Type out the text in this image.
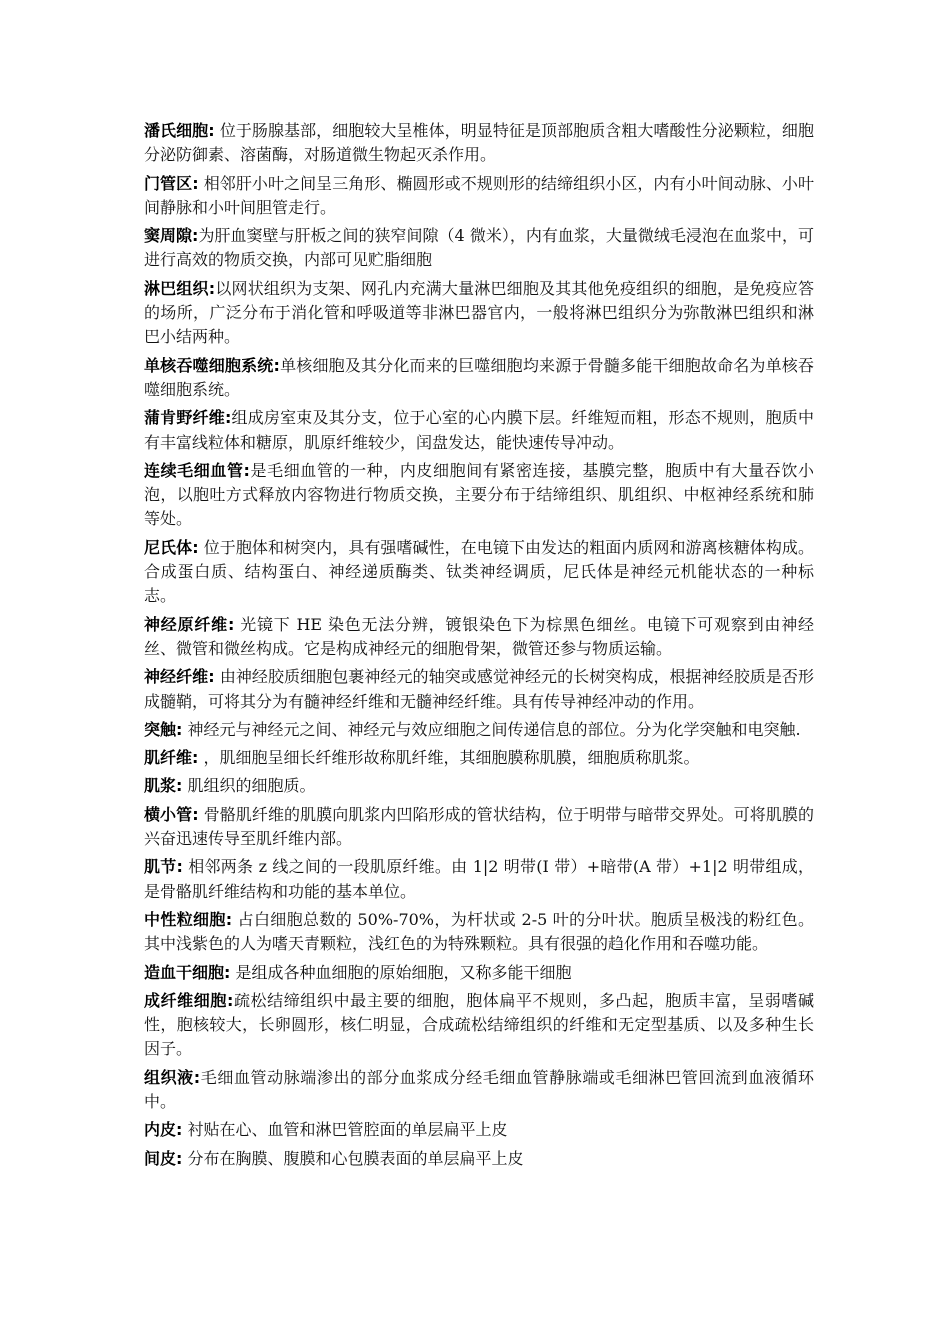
潘氏细胞: 位于肠腺基部，细胞较大呈椎体，明显特征是顶部胞质含粗大嗜酸性分泌颗粒，细胞分泌防御素、溶菌酶，对肠道微生物起灭杀作用。

门管区: 相邻肝小叶之间呈三角形、椭圆形或不规则形的结缔组织小区，内有小叶间动脉、小叶间静脉和小叶间胆管走行。

窦周隙:为肝血窦壁与肝板之间的狭窄间隙（4 微米），内有血浆，大量微绒毛浸泡在血浆中，可进行高效的物质交换，内部可见贮脂细胞

淋巴组织:以网状组织为支架、网孔内充满大量淋巴细胞及其其他免疫组织的细胞，是免疫应答的场所，广泛分布于消化管和呼吸道等非淋巴器官内，一般将淋巴组织分为弥散淋巴组织和淋巴小结两种。

单核吞噬细胞系统:单核细胞及其分化而来的巨噬细胞均来源于骨髓多能干细胞故命名为单核吞噬细胞系统。

蒲肯野纤维:组成房室束及其分支，位于心室的心内膜下层。纤维短而粗，形态不规则，胞质中有丰富线粒体和糖原，肌原纤维较少，闰盘发达，能快速传导冲动。

连续毛细血管:是毛细血管的一种，内皮细胞间有紧密连接，基膜完整，胞质中有大量吞饮小泡，以胞吐方式释放内容物进行物质交换，主要分布于结缔组织、肌组织、中枢神经系统和肺等处。

尼氏体: 位于胞体和树突内，具有强嗜碱性，在电镜下由发达的粗面内质网和游离核糖体构成。合成蛋白质、结构蛋白、神经递质酶类、钛类神经调质，尼氏体是神经元机能状态的一种标志。

神经原纤维: 光镜下 HE 染色无法分辨，镀银染色下为棕黑色细丝。电镜下可观察到由神经丝、微管和微丝构成。它是构成神经元的细胞骨架，微管还参与物质运输。

神经纤维: 由神经胶质细胞包裹神经元的轴突或感觉神经元的长树突构成，根据神经胶质是否形成髓鞘，可将其分为有髓神经纤维和无髓神经纤维。具有传导神经冲动的作用。

突触: 神经元与神经元之间、神经元与效应细胞之间传递信息的部位。分为化学突触和电突触.

肌纤维: ，肌细胞呈细长纤维形故称肌纤维，其细胞膜称肌膜，细胞质称肌浆。

肌浆: 肌组织的细胞质。

横小管: 骨骼肌纤维的肌膜向肌浆内凹陷形成的管状结构，位于明带与暗带交界处。可将肌膜的兴奋迅速传导至肌纤维内部。

肌节: 相邻两条 z 线之间的一段肌原纤维。由 1|2 明带(I 带）+暗带(A 带）+1|2 明带组成，是骨骼肌纤维结构和功能的基本单位。

中性粒细胞: 占白细胞总数的 50%-70%，为杆状或 2-5 叶的分叶状。胞质呈极浅的粉红色。其中浅紫色的人为嗜天青颗粒，浅红色的为特殊颗粒。具有很强的趋化作用和吞噬功能。

造血干细胞: 是组成各种血细胞的原始细胞，又称多能干细胞

成纤维细胞:疏松结缔组织中最主要的细胞，胞体扁平不规则，多凸起，胞质丰富，呈弱嗜碱性，胞核较大，长卵圆形，核仁明显，合成疏松结缔组织的纤维和无定型基质、以及多种生长因子。

组织液:毛细血管动脉端渗出的部分血浆成分经毛细血管静脉端或毛细淋巴管回流到血液循环中。

内皮: 衬贴在心、血管和淋巴管腔面的单层扁平上皮

间皮: 分布在胸膜、腹膜和心包膜表面的单层扁平上皮
